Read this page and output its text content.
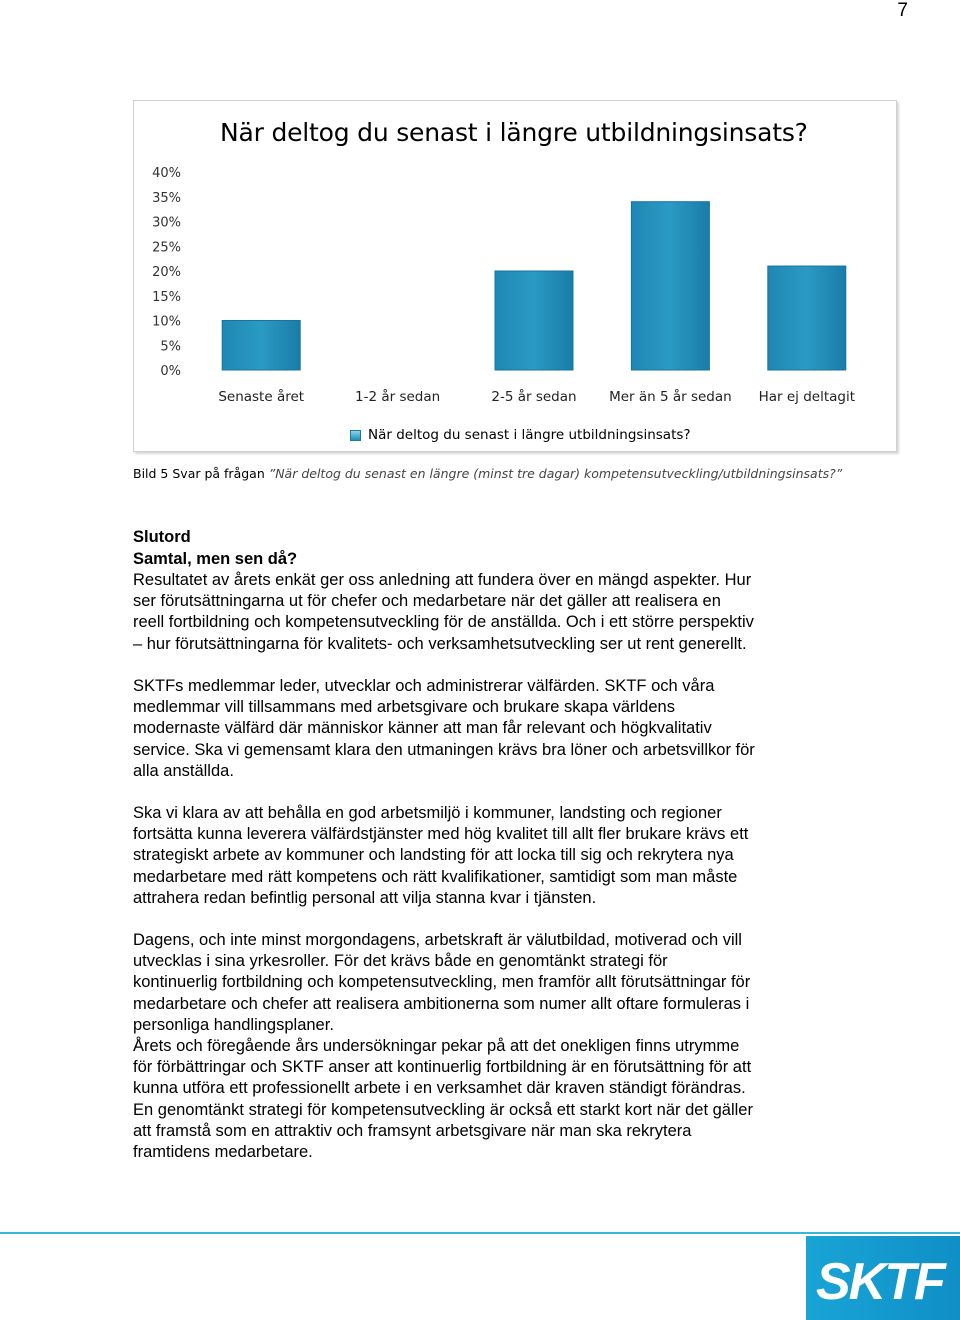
7
När deltog du senast i längre utbildningsinsats?
40%
35%
30%
25%
20%
15%
10%
5%
0%
Senaste året	1-2 år sedan	2-5 år sedan Mer än 5 år sedan Har ej deltagit
När deltog du senast i längre utbildningsinsats?
Bild 5 Svar på frågan ”När deltog du senast en längre (minst tre dagar) kompetensutveckling/utbildningsinsats?”
Slutord
Samtal, men sen då?
Resultatet av årets enkät ger oss anledning att fundera över en mängd aspekter. Hur
ser förutsättningarna ut för chefer och medarbetare när det gäller att realisera en
reell fortbildning och kompetensutveckling för de anställda. Och i ett större perspektiv
– hur förutsättningarna för kvalitets- och verksamhetsutveckling ser ut rent generellt.
SKTFs medlemmar leder, utvecklar och administrerar välfärden. SKTF och våra
medlemmar vill tillsammans med arbetsgivare och brukare skapa världens
modernaste välfärd där människor känner att man får relevant och högkvalitativ
service. Ska vi gemensamt klara den utmaningen krävs bra löner och arbetsvillkor för
alla anställda.
Ska vi klara av att behålla en god arbetsmiljö i kommuner, landsting och regioner
fortsätta kunna leverera välfärdstjänster med hög kvalitet till allt fler brukare krävs ett
strategiskt arbete av kommuner och landsting för att locka till sig och rekrytera nya
medarbetare med rätt kompetens och rätt kvalifikationer, samtidigt som man måste
attrahera redan befintlig personal att vilja stanna kvar i tjänsten.
Dagens, och inte minst morgondagens, arbetskraft är välutbildad, motiverad och vill
utvecklas i sina yrkesroller. För det krävs både en genomtänkt strategi för
kontinuerlig fortbildning och kompetensutveckling, men framför allt förutsättningar för
medarbetare och chefer att realisera ambitionerna som numer allt oftare formuleras i
personliga handlingsplaner.
Årets och föregående års undersökningar pekar på att det onekligen finns utrymme
för förbättringar och SKTF anser att kontinuerlig fortbildning är en förutsättning för att
kunna utföra ett professionellt arbete i en verksamhet där kraven ständigt förändras.
En genomtänkt strategi för kompetensutveckling är också ett starkt kort när det gäller
att framstå som en attraktiv och framsynt arbetsgivare när man ska rekrytera
framtidens medarbetare.
SKTF
